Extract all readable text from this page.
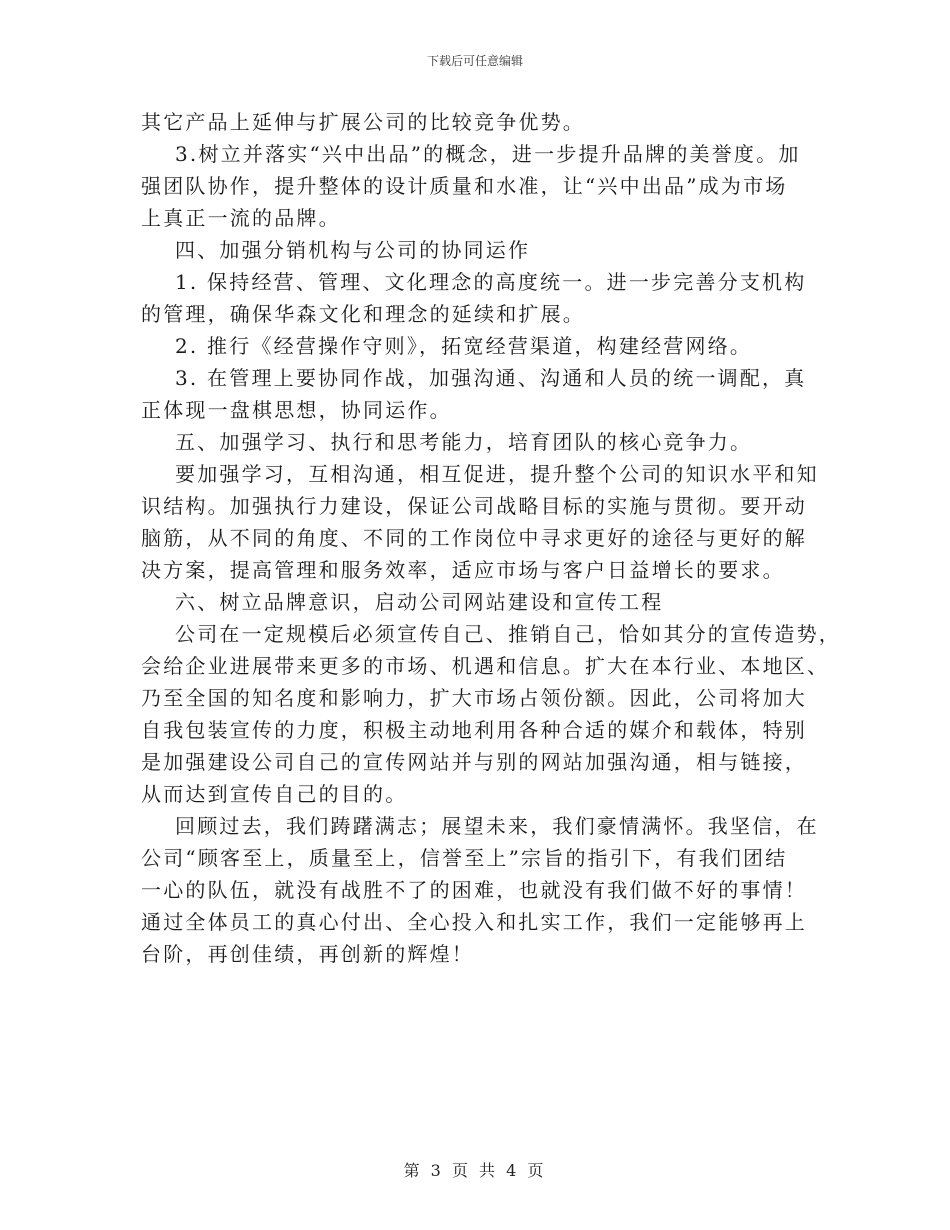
下载后可任意编辑
其它产品上延伸与扩展公司的比较竞争优势。
3.树立并落实“兴中出品”的概念，进一步提升品牌的美誉度。加
强团队协作，提升整体的设计质量和水准，让“兴中出品”成为市场
上真正一流的品牌。
四、加强分销机构与公司的协同运作
1. 保持经营、管理、文化理念的高度统一。进一步完善分支机构
的管理，确保华森文化和理念的延续和扩展。
2. 推行《经营操作守则》，拓宽经营渠道，构建经营网络。
3. 在管理上要协同作战，加强沟通、沟通和人员的统一调配，真
正体现一盘棋思想，协同运作。
五、加强学习、执行和思考能力，培育团队的核心竞争力。
要加强学习，互相沟通，相互促进，提升整个公司的知识水平和知
识结构。加强执行力建设，保证公司战略目标的实施与贯彻。要开动
脑筋，从不同的角度、不同的工作岗位中寻求更好的途径与更好的解
决方案，提高管理和服务效率，适应市场与客户日益增长的要求。
六、树立品牌意识，启动公司网站建设和宣传工程
公司在一定规模后必须宣传自己、推销自己，恰如其分的宣传造势，
会给企业进展带来更多的市场、机遇和信息。扩大在本行业、本地区、
乃至全国的知名度和影响力，扩大市场占领份额。因此，公司将加大
自我包装宣传的力度，积极主动地利用各种合适的媒介和载体，特别
是加强建设公司自己的宣传网站并与别的网站加强沟通，相与链接，
从而达到宣传自己的目的。
回顾过去，我们踌躇满志；展望未来，我们豪情满怀。我坚信，在
公司“顾客至上，质量至上，信誉至上”宗旨的指引下，有我们团结
一心的队伍，就没有战胜不了的困难，也就没有我们做不好的事情！
通过全体员工的真心付出、全心投入和扎实工作，我们一定能够再上
台阶，再创佳绩，再创新的辉煌！
第 3 页 共 4 页
